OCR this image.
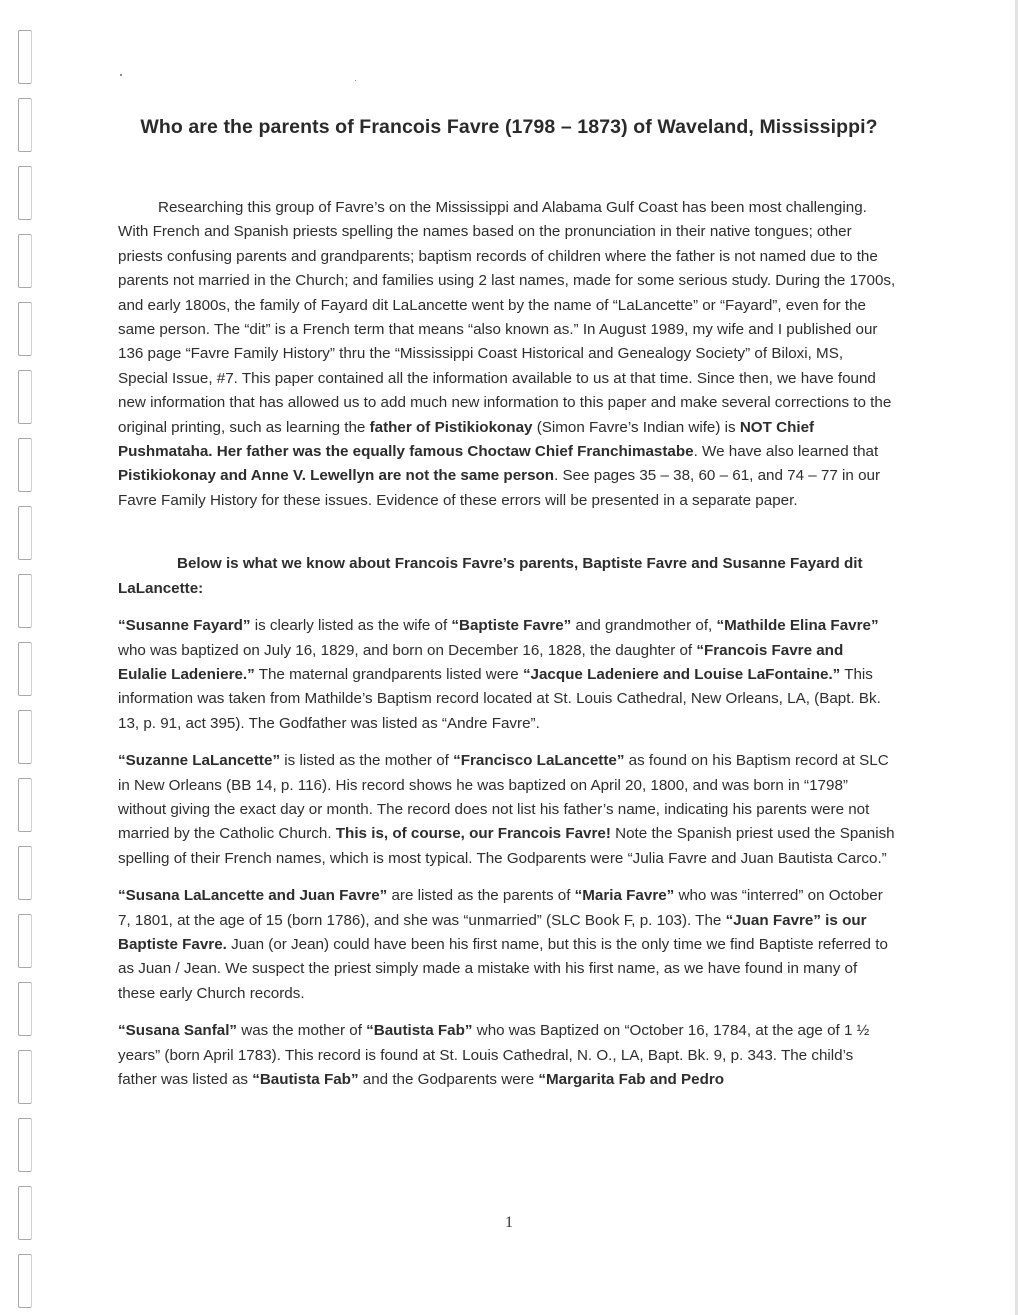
Who are the parents of Francois Favre (1798 – 1873) of Waveland, Mississippi?

Researching this group of Favre’s on the Mississippi and Alabama Gulf Coast has been most challenging. With French and Spanish priests spelling the names based on the pronunciation in their native tongues; other priests confusing parents and grandparents; baptism records of children where the father is not named due to the parents not married in the Church; and families using 2 last names, made for some serious study. During the 1700s, and early 1800s, the family of Fayard dit LaLancette went by the name of “LaLancette” or “Fayard”, even for the same person. The “dit” is a French term that means “also known as.” In August 1989, my wife and I published our 136 page “Favre Family History” thru the “Mississippi Coast Historical and Genealogy Society” of Biloxi, MS, Special Issue, #7. This paper contained all the information available to us at that time. Since then, we have found new information that has allowed us to add much new information to this paper and make several corrections to the original printing, such as learning the father of Pistikiokonay (Simon Favre’s Indian wife) is NOT Chief Pushmataha. Her father was the equally famous Choctaw Chief Franchimastabe. We have also learned that Pistikiokonay and Anne V. Lewellyn are not the same person. See pages 35 – 38, 60 – 61, and 74 – 77 in our Favre Family History for these issues. Evidence of these errors will be presented in a separate paper.

Below is what we know about Francois Favre’s parents, Baptiste Favre and Susanne Fayard dit LaLancette:

“Susanne Fayard” is clearly listed as the wife of “Baptiste Favre” and grandmother of, “Mathilde Elina Favre” who was baptized on July 16, 1829, and born on December 16, 1828, the daughter of “Francois Favre and Eulalie Ladeniere.” The maternal grandparents listed were “Jacque Ladeniere and Louise LaFontaine.” This information was taken from Mathilde’s Baptism record located at St. Louis Cathedral, New Orleans, LA, (Bapt. Bk. 13, p. 91, act 395). The Godfather was listed as “Andre Favre”.

“Suzanne LaLancette” is listed as the mother of “Francisco LaLancette” as found on his Baptism record at SLC in New Orleans (BB 14, p. 116). His record shows he was baptized on April 20, 1800, and was born in “1798” without giving the exact day or month. The record does not list his father’s name, indicating his parents were not married by the Catholic Church. This is, of course, our Francois Favre! Note the Spanish priest used the Spanish spelling of their French names, which is most typical. The Godparents were “Julia Favre and Juan Bautista Carco.”

“Susana LaLancette and Juan Favre” are listed as the parents of “Maria Favre” who was “interred” on October 7, 1801, at the age of 15 (born 1786), and she was “unmarried” (SLC Book F, p. 103). The “Juan Favre” is our Baptiste Favre. Juan (or Jean) could have been his first name, but this is the only time we find Baptiste referred to as Juan / Jean. We suspect the priest simply made a mistake with his first name, as we have found in many of these early Church records.

“Susana Sanfal” was the mother of “Bautista Fab” who was Baptized on “October 16, 1784, at the age of 1 ½ years” (born April 1783). This record is found at St. Louis Cathedral, N. O., LA, Bapt. Bk. 9, p. 343. The child’s father was listed as “Bautista Fab” and the Godparents were “Margarita Fab and Pedro

1
